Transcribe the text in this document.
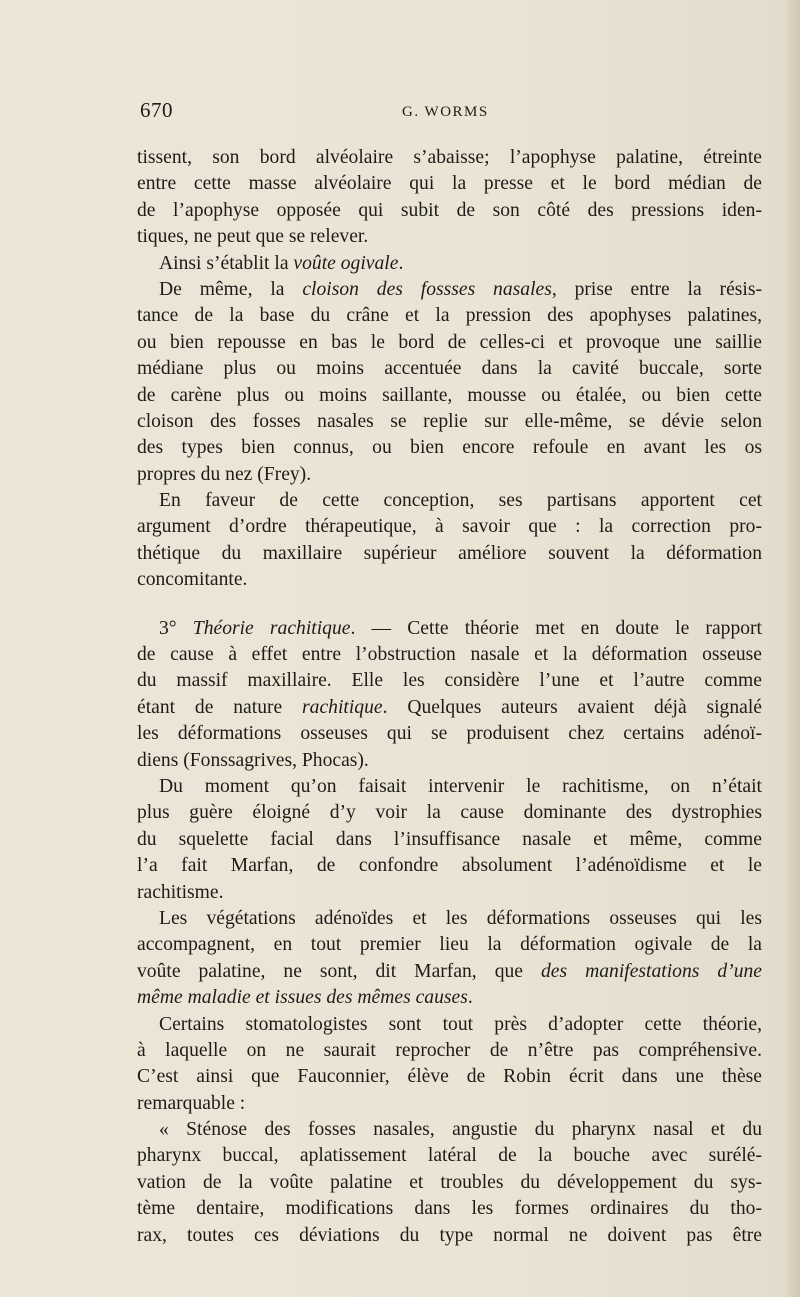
670	G. WORMS
tissent, son bord alvéolaire s’abaisse; l’apophyse palatine, étreinte
entre cette masse alvéolaire qui la presse et le bord médian de
de l’apophyse opposée qui subit de son côté des pressions iden-
tiques, ne peut que se relever.
Ainsi s’établit la voûte ogivale.
De même, la cloison des fossses nasales, prise entre la résis-
tance de la base du crâne et la pression des apophyses palatines,
ou bien repousse en bas le bord de celles-ci et provoque une saillie
médiane plus ou moins accentuée dans la cavité buccale, sorte
de carène plus ou moins saillante, mousse ou étalée, ou bien cette
cloison des fosses nasales se replie sur elle-même, se dévie selon
des types bien connus, ou bien encore refoule en avant les os
propres du nez (Frey).
En faveur de cette conception, ses partisans apportent cet
argument d’ordre thérapeutique, à savoir que : la correction pro-
thétique du maxillaire supérieur améliore souvent la déformation
concomitante.
3° Théorie rachitique. — Cette théorie met en doute le rapport
de cause à effet entre l’obstruction nasale et la déformation osseuse
du massif maxillaire. Elle les considère l’une et l’autre comme
étant de nature rachitique. Quelques auteurs avaient déjà signalé
les déformations osseuses qui se produisent chez certains adénoï-
diens (Fonssagrives, Phocas).
Du moment qu’on faisait intervenir le rachitisme, on n’était
plus guère éloigné d’y voir la cause dominante des dystrophies
du squelette facial dans l’insuffisance nasale et même, comme
l’a fait Marfan, de confondre absolument l’adénoïdisme et le
rachitisme.
Les végétations adénoïdes et les déformations osseuses qui les
accompagnent, en tout premier lieu la déformation ogivale de la
voûte palatine, ne sont, dit Marfan, que des manifestations d’une
même maladie et issues des mêmes causes.
Certains stomatologistes sont tout près d’adopter cette théorie,
à laquelle on ne saurait reprocher de n’être pas compréhensive.
C’est ainsi que Fauconnier, élève de Robin écrit dans une thèse
remarquable :
« Sténose des fosses nasales, angustie du pharynx nasal et du
pharynx buccal, aplatissement latéral de la bouche avec surélé-
vation de la voûte palatine et troubles du développement du sys-
tème dentaire, modifications dans les formes ordinaires du tho-
rax, toutes ces déviations du type normal ne doivent pas être
